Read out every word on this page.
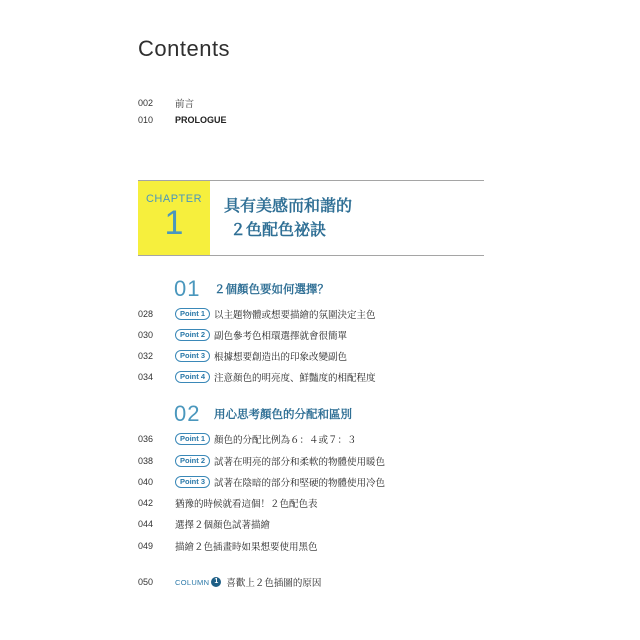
Contents
002	前言
010	PROLOGUE
CHAPTER
1	具有美感而和諧的
２色配色祕訣
01	２個顏色要如何選擇？
028	Point 1 以主題物體或想要描繪的氛圍決定主色
030	Point 2 副色參考色相環選擇就會很簡單
032	Point 3 根據想要創造出的印象改變副色
034	Point 4 注意顏色的明亮度、鮮豔度的相配程度
02	用心思考顏色的分配和區別
036	Point 1 顏色的分配比例為６：４或７：３
038	Point 2 試著在明亮的部分和柔軟的物體使用暖色
040	Point 3 試著在陰暗的部分和堅硬的物體使用冷色
042	猶豫的時候就看這個！２色配色表
044	選擇２個顏色試著描繪
049	描繪２色插畫時如果想要使用黑色
050	COLUMN 1 喜歡上２色插圖的原因
